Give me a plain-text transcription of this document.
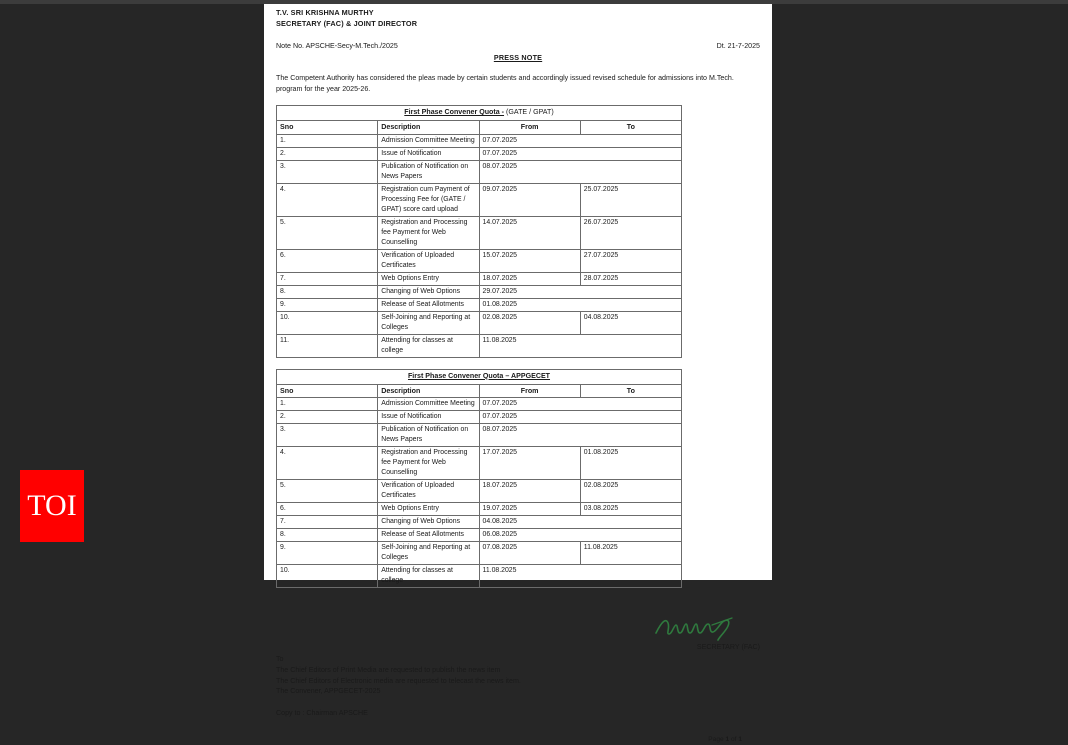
T.V. SRI KRISHNA MURTHY
SECRETARY (FAC) & JOINT DIRECTOR
Note No. APSCHE-Secy-M.Tech./2025	Dt. 21-7-2025
PRESS NOTE
The Competent Authority has considered the pleas made by certain students and accordingly issued revised schedule for admissions into M.Tech. program for the year 2025-26.
First Phase Convener Quota - (GATE / GPAT)			
Sno	Description	From	To
1.	Admission Committee Meeting	07.07.2025	
2.	Issue of Notification	07.07.2025	
3.	Publication of Notification on News Papers	08.07.2025	
4.	Registration cum Payment of Processing Fee for (GATE / GPAT) score card upload	09.07.2025	25.07.2025
5.	Registration and Processing fee Payment for Web Counselling	14.07.2025	26.07.2025
6.	Verification of Uploaded Certificates	15.07.2025	27.07.2025
7.	Web Options Entry	18.07.2025	28.07.2025
8.	Changing of Web Options	29.07.2025	
9.	Release of Seat Allotments	01.08.2025	
10.	Self-Joining and Reporting at Colleges	02.08.2025	04.08.2025
11.	Attending for classes at college	11.08.2025	
First Phase Convener Quota – APPGECET			
Sno	Description	From	To
1.	Admission Committee Meeting	07.07.2025	
2.	Issue of Notification	07.07.2025	
3.	Publication of Notification on News Papers	08.07.2025	
4.	Registration and Processing fee Payment for Web Counselling	17.07.2025	01.08.2025
5.	Verification of Uploaded Certificates	18.07.2025	02.08.2025
6.	Web Options Entry	19.07.2025	03.08.2025
7.	Changing of Web Options	04.08.2025	
8.	Release of Seat Allotments	06.08.2025	
9.	Self-Joining and Reporting at Colleges	07.08.2025	11.08.2025
10.	Attending for classes at college	11.08.2025	
SECRETARY (FAC)
To
The Chief Editors of Print Media are requested to publish the news item
The Chief Editors of Electronic media are requested to telecast the news item.
The Convener, APPGECET-2025
Copy to : Chairman APSCHE
Page 1 of 1
TOI
